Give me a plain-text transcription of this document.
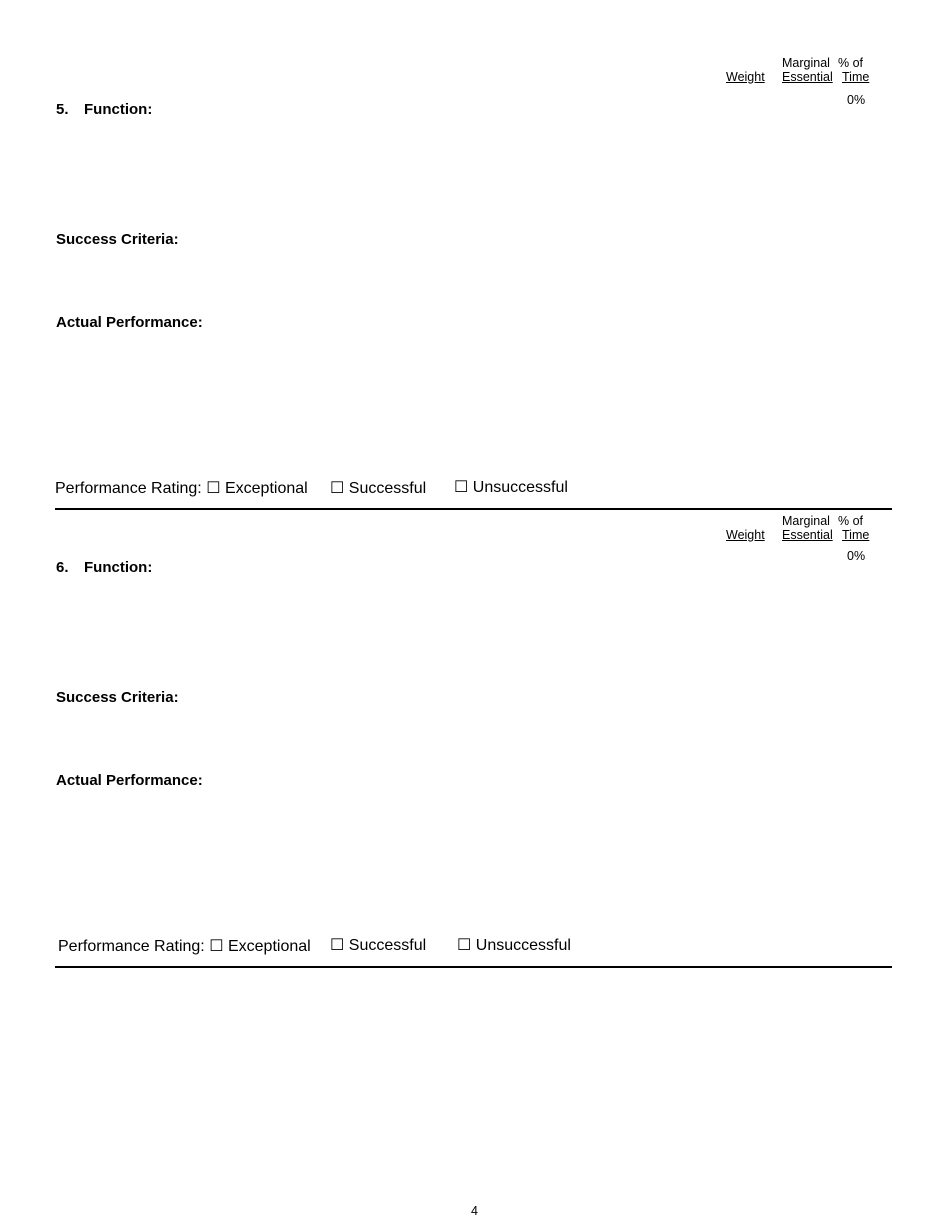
Marginal % of
Weight Essential Time
0%
5. Function:
Success Criteria:
Actual Performance:
Performance Rating: ☐ Exceptional ☐ Successful ☐ Unsuccessful
Marginal % of
Weight Essential Time
0%
6. Function:
Success Criteria:
Actual Performance:
Performance Rating: ☐ Exceptional ☐ Successful ☐ Unsuccessful
4
